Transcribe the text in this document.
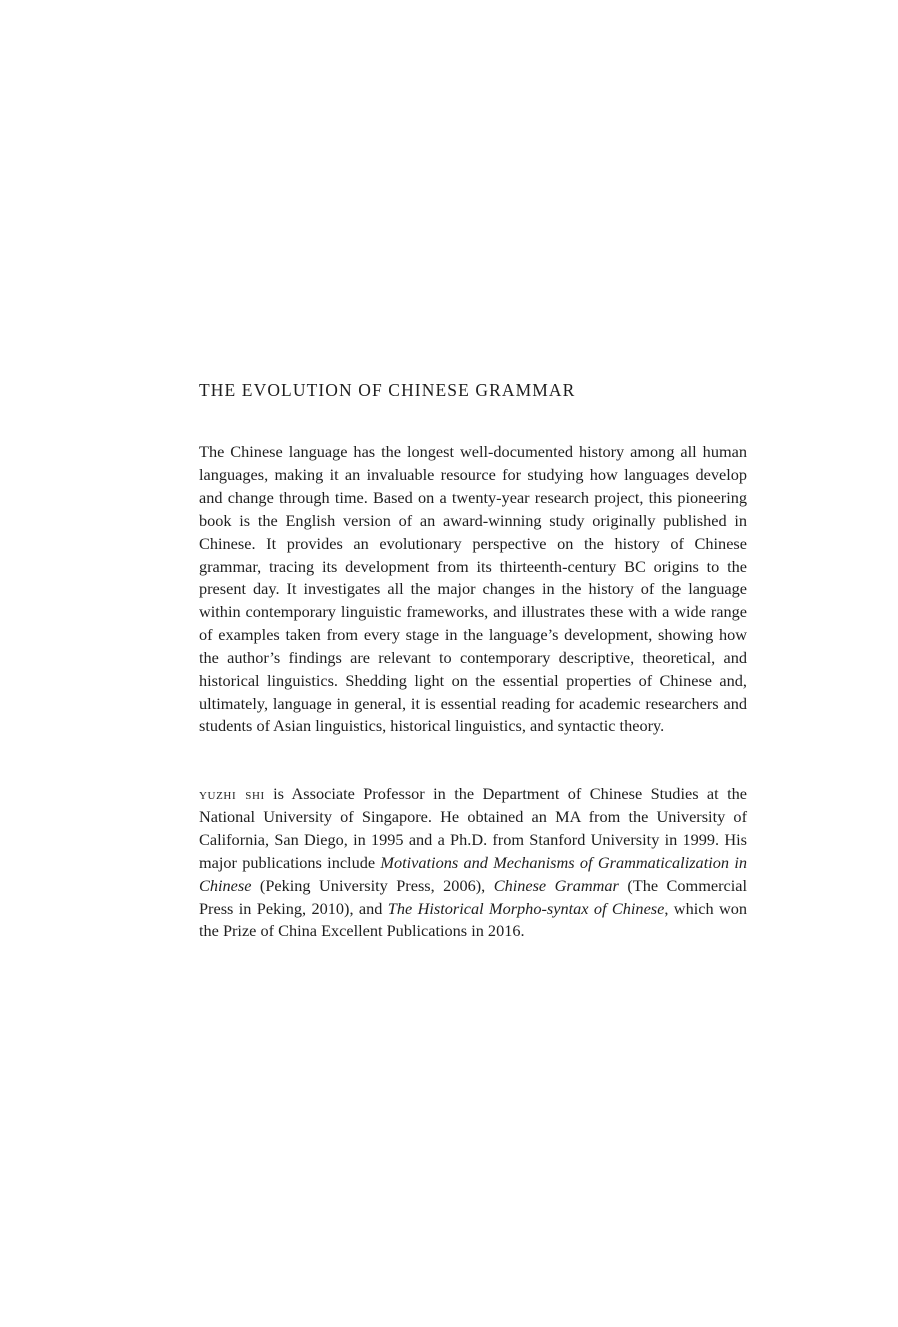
THE EVOLUTION OF CHINESE GRAMMAR

The Chinese language has the longest well-documented history among all human languages, making it an invaluable resource for studying how languages develop and change through time. Based on a twenty-year research project, this pioneering book is the English version of an award-winning study originally published in Chinese. It provides an evolutionary perspective on the history of Chinese grammar, tracing its development from its thirteenth-century BC origins to the present day. It investigates all the major changes in the history of the language within contemporary linguistic frameworks, and illustrates these with a wide range of examples taken from every stage in the language’s development, showing how the author’s findings are relevant to contemporary descriptive, theoretical, and historical linguistics. Shedding light on the essential properties of Chinese and, ultimately, language in general, it is essential reading for academic researchers and students of Asian linguistics, historical linguistics, and syntactic theory.

yuzhi shi is Associate Professor in the Department of Chinese Studies at the National University of Singapore. He obtained an MA from the University of California, San Diego, in 1995 and a Ph.D. from Stanford University in 1999. His major publications include Motivations and Mechanisms of Grammaticalization in Chinese (Peking University Press, 2006), Chinese Grammar (The Commercial Press in Peking, 2010), and The Historical Morpho-syntax of Chinese, which won the Prize of China Excellent Publications in 2016.
